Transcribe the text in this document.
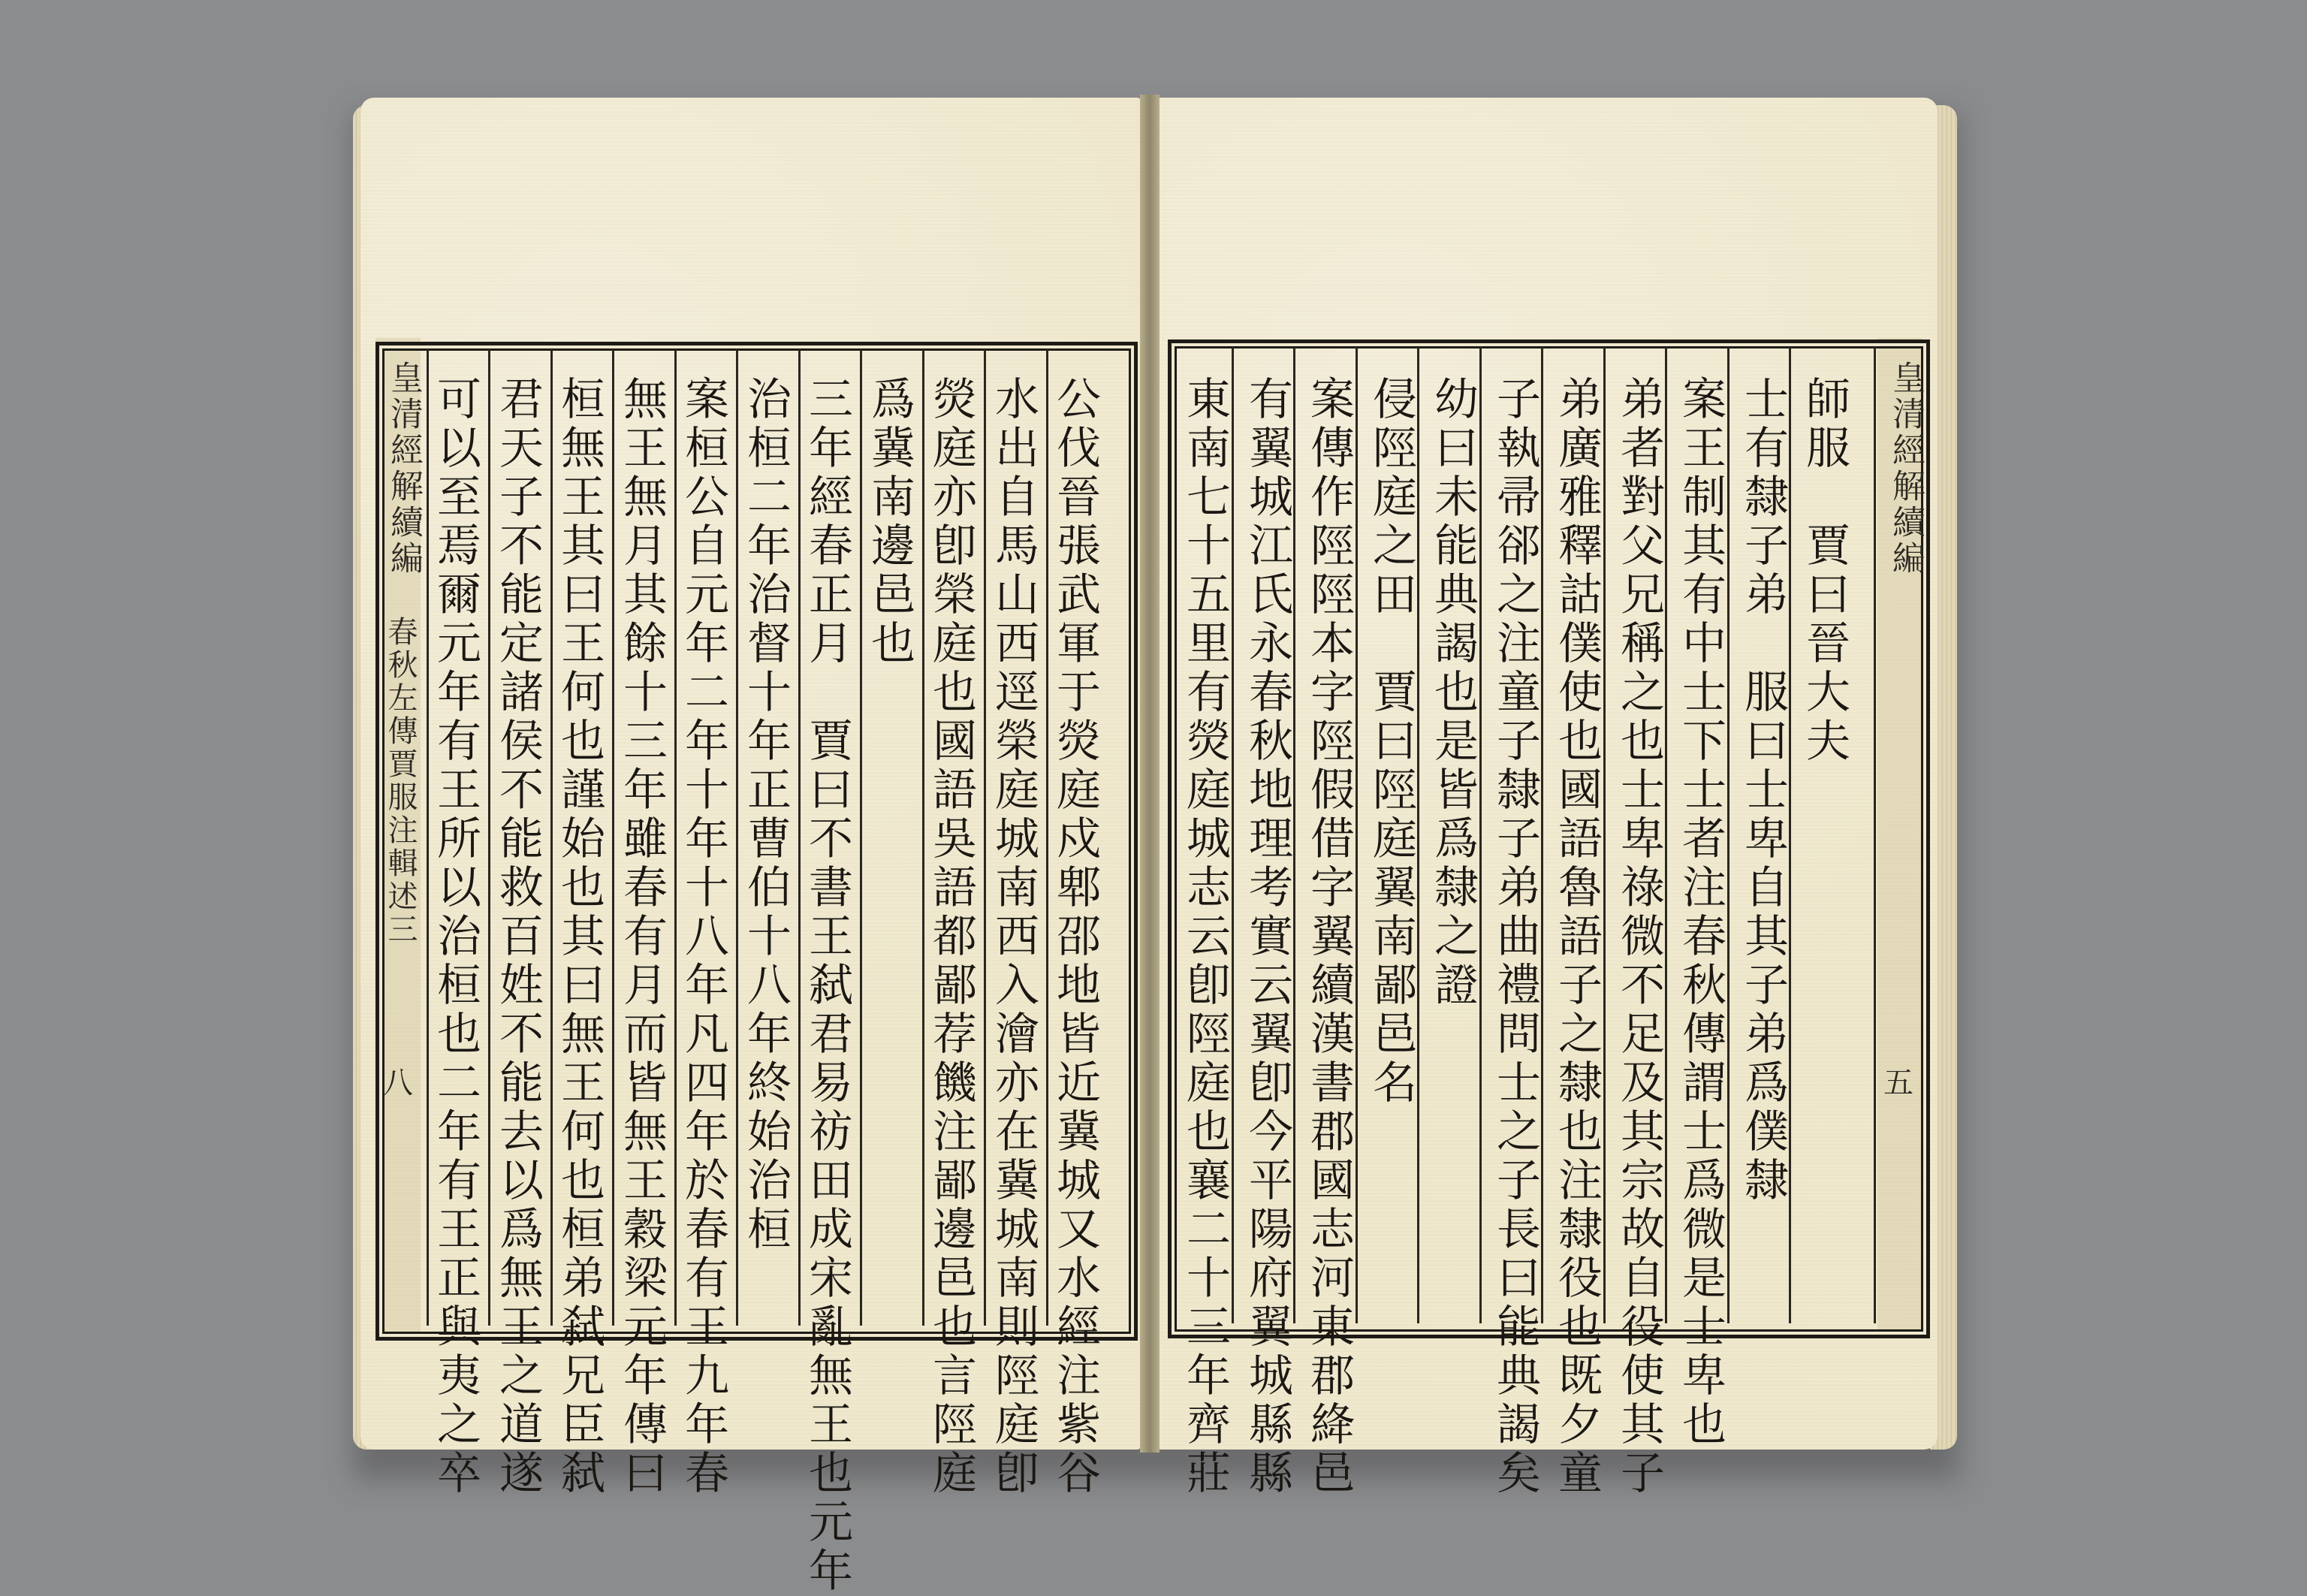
皇清經解續編
春秋左傳賈服注輯述三
八	公伐晉張武軍于熒庭戍郫邵地皆近冀城又水經注紫谷
水出自馬山西逕榮庭城南西入澮亦在冀城南則陘庭卽
熒庭亦卽榮庭也國語吳語都鄙荐饑注鄙邊邑也言陘庭
爲冀南邊邑也
三年經春正月　賈曰不書王弑君易祊田成宋亂無王也元年
治桓二年治督十年正曹伯十八年終始治桓
案桓公自元年二年十年十八年凡四年於春有王九年春
無王無月其餘十三年雖春有月而皆無王穀梁元年傳曰
桓無王其曰王何也謹始也其曰無王何也桓弟弑兄臣弑
君天子不能定諸侯不能救百姓不能去以爲無王之道遂
可以至焉爾元年有王所以治桓也二年有王正與夷之卒	皇清經解續編
五
師服　賈曰晉大夫
士有隸子弟　服曰士卑自其子弟爲僕隸
案王制其有中士下士者注春秋傳謂士爲微是士卑也
弟者對父兄稱之也士卑祿微不足及其宗故自役使其子
弟廣雅釋詁僕使也國語魯語子之隸也注隸役也既夕童
子執帚郤之注童子隸子弟曲禮問士之子長曰能典謁矣
幼曰未能典謁也是皆爲隸之證
侵陘庭之田　賈曰陘庭翼南鄙邑名
案傳作陘陘本字陘假借字翼續漢書郡國志河東郡絳邑
有翼城江氏永春秋地理考實云翼卽今平陽府翼城縣縣
東南七十五里有熒庭城志云卽陘庭也襄二十三年齊莊
